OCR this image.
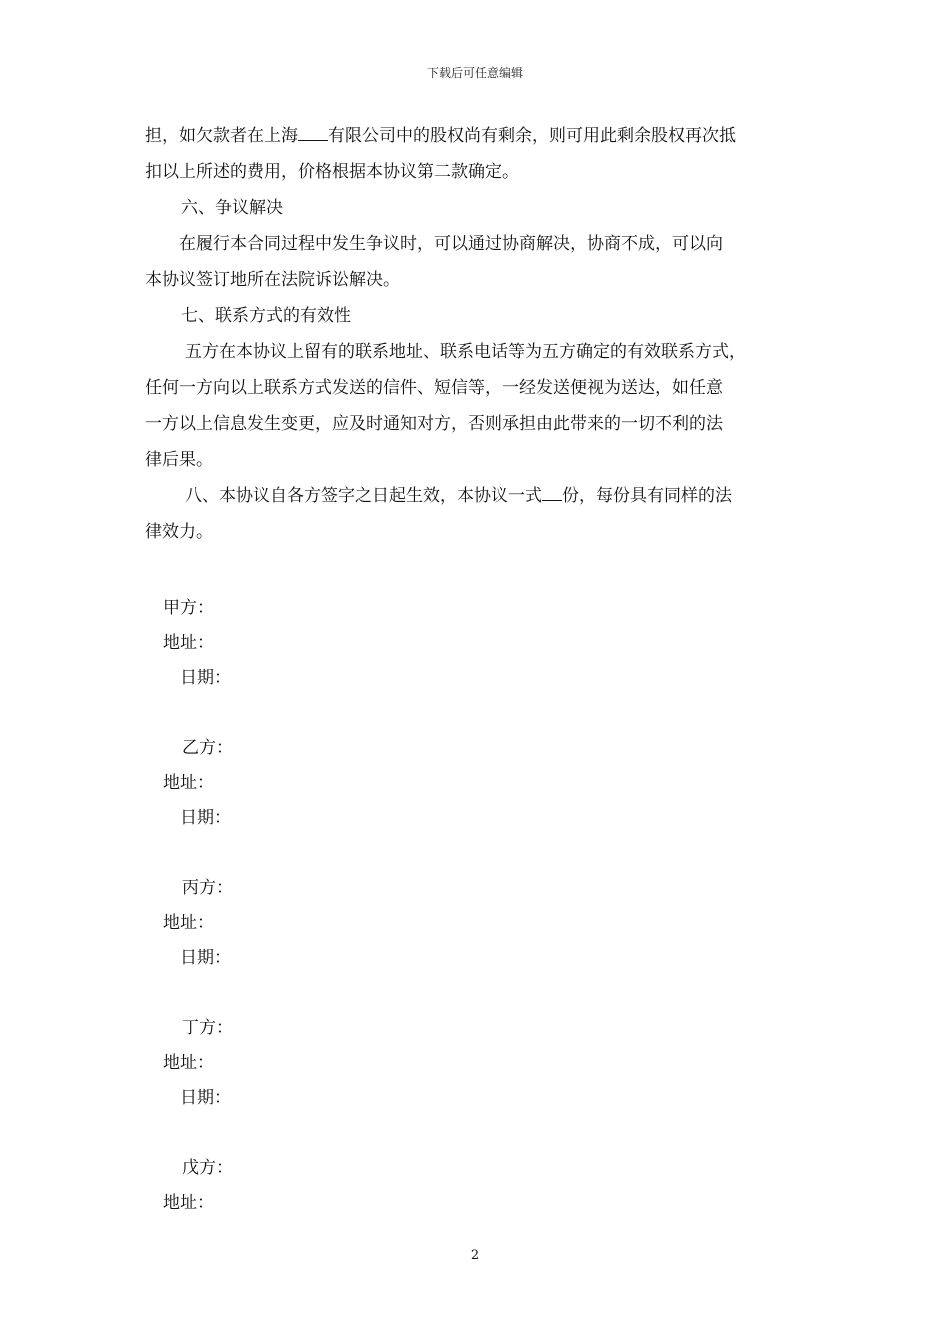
下载后可任意编辑
担，如欠款者在上海 有限公司中的股权尚有剩余，则可用此剩余股权再次抵
扣以上所述的费用，价格根据本协议第二款确定。
六、争议解决
在履行本合同过程中发生争议时，可以通过协商解决，协商不成，可以向
本协议签订地所在法院诉讼解决。
七、联系方式的有效性
五方在本协议上留有的联系地址、联系电话等为五方确定的有效联系方式，
任何一方向以上联系方式发送的信件、短信等，一经发送便视为送达，如任意
一方以上信息发生变更，应及时通知对方，否则承担由此带来的一切不利的法
律后果。
八、本协议自各方签字之日起生效，本协议一式 份，每份具有同样的法
律效力。
甲方：
地址：
日期：
乙方：
地址：
日期：
丙方：
地址：
日期：
丁方：
地址：
日期：
戊方：
地址：
2
